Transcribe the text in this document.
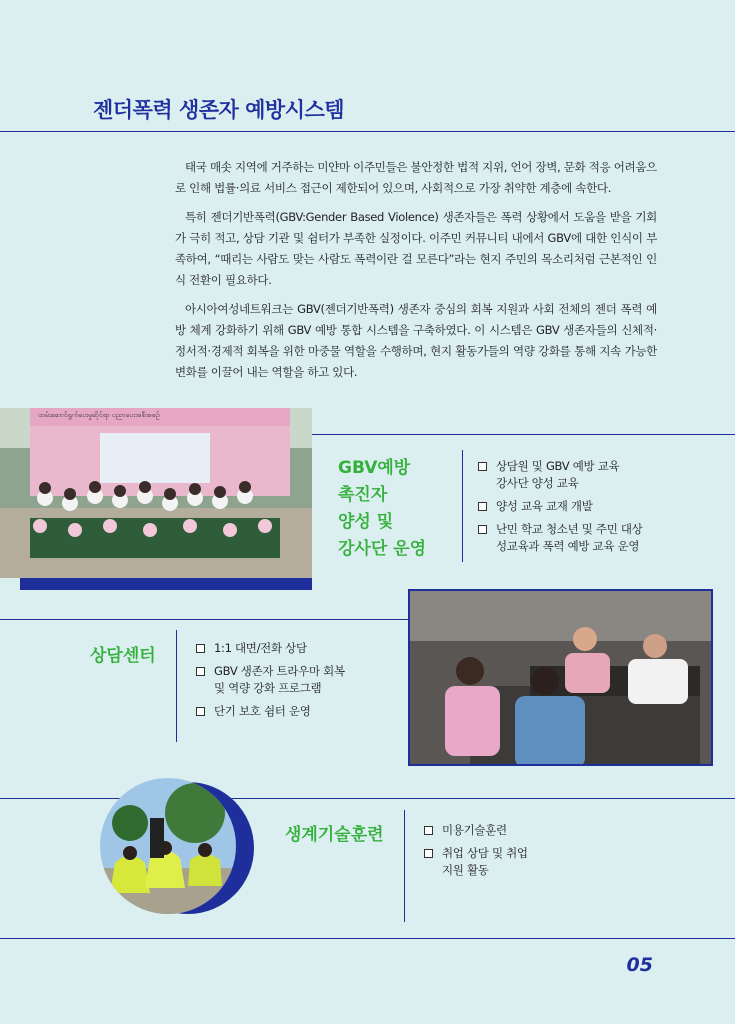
젠더폭력 생존자 예방시스템

태국 매솟 지역에 거주하는 미얀마 이주민들은 불안정한 법적 지위, 언어 장벽, 문화 적응 어려움으로 인해 법률·의료 서비스 접근이 제한되어 있으며, 사회적으로 가장 취약한 계층에 속한다.

특히 젠더기반폭력(GBV:Gender Based Violence) 생존자들은 폭력 상황에서 도움을 받을 기회가 극히 적고, 상담 기관 및 쉼터가 부족한 실정이다. 이주민 커뮤니티 내에서 GBV에 대한 인식이 부족하여, “때리는 사람도 맞는 사람도 폭력이란 걸 모른다”라는 현지 주민의 목소리처럼 근본적인 인식 전환이 필요하다.

아시아여성네트워크는 GBV(젠더기반폭력) 생존자 중심의 회복 지원과 사회 전체의 젠더 폭력 예방 체계 강화하기 위해 GBV 예방 통합 시스템을 구축하였다. 이 시스템은 GBV 생존자들의 신체적·정서적·경제적 회복을 위한 마중물 역할을 수행하며, 현지 활동가들의 역량 강화를 통해 지속 가능한 변화를 이끌어 내는 역할을 하고 있다.

ထမ်းဆောင်ရွက်ပေးမှုဆိုင်ရာ ပညာပေးအစီအစဉ်
GBV예방
촉진자
양성 및
강사단 운영
상담원 및 GBV 예방 교육
강사단 양성 교육
양성 교육 교재 개발
난민 학교 청소년 및 주민 대상
성교육과 폭력 예방 교육 운영
상담센터	1:1 대면/전화 상담
GBV 생존자 트라우마 회복
및 역량 강화 프로그램
단기 보호 쉼터 운영
생계기술훈련	미용기술훈련
취업 상담 및 취업
지원 활동
05
